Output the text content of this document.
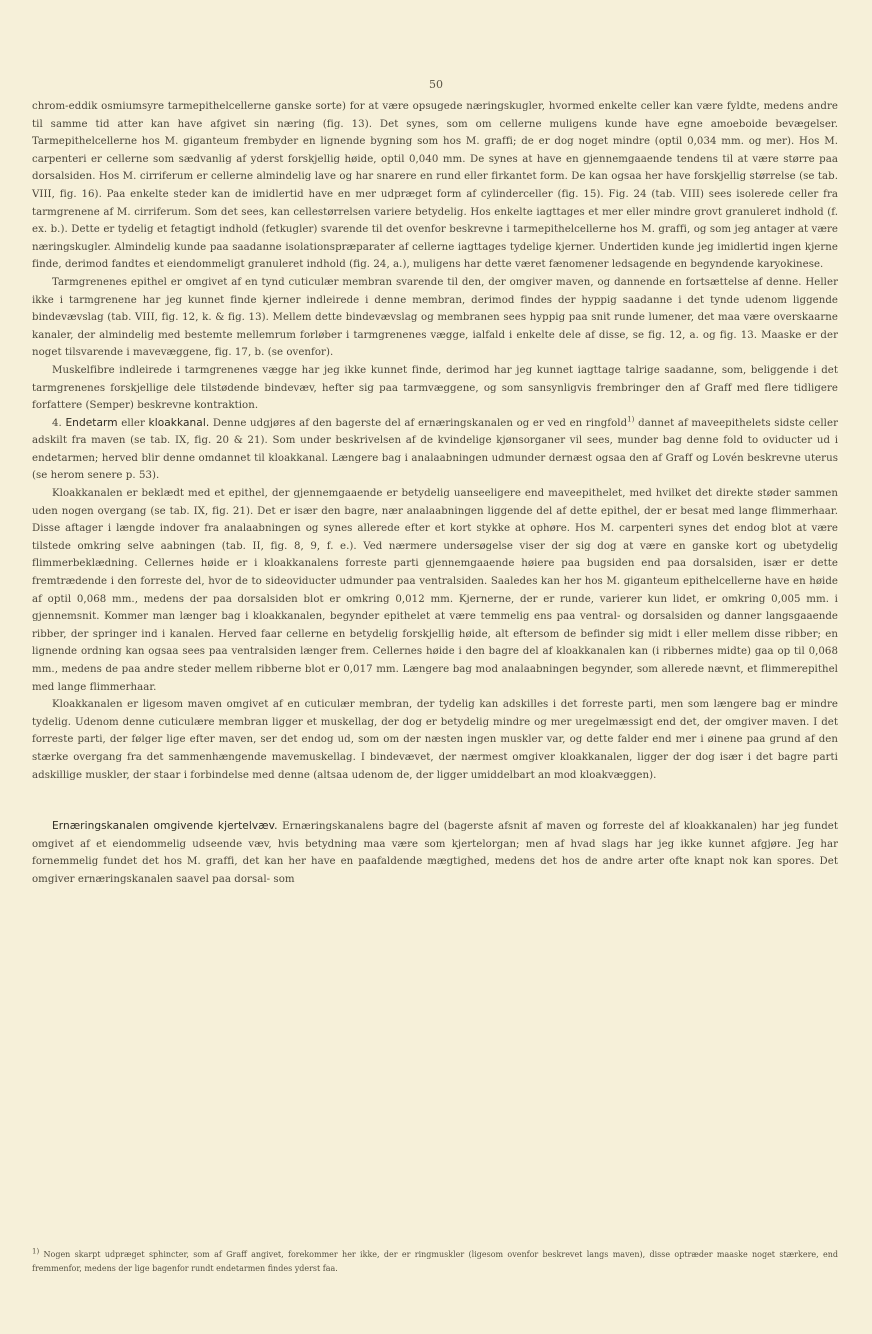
50

chrom-eddik osmiumsyre tarmepithelcellerne ganske sorte) for at være opsugede næringskugler, hvormed enkelte celler kan være fyldte, medens andre til samme tid atter kan have afgivet sin næring (fig. 13). Det synes, som om cellerne muligens kunde have egne amoeboide bevægelser. Tarmepithelcellerne hos M. giganteum frembyder en lignende bygning som hos M. graffi; de er dog noget mindre (optil 0,034 mm. og mer). Hos M. carpenteri er cellerne som sædvanlig af yderst forskjellig høide, optil 0,040 mm. De synes at have en gjennemgaaende tendens til at være større paa dorsalsiden. Hos M. cirriferum er cellerne almindelig lave og har snarere en rund eller firkantet form. De kan ogsaa her have forskjellig størrelse (se tab. VIII, fig. 16). Paa enkelte steder kan de imidlertid have en mer udpræget form af cylinderceller (fig. 15). Fig. 24 (tab. VIII) sees isolerede celler fra tarmgrenene af M. cirriferum. Som det sees, kan cellestørrelsen variere betydelig. Hos enkelte iagttages et mer eller mindre grovt granuleret indhold (f. ex. b.). Dette er tydelig et fetagtigt indhold (fetkugler) svarende til det ovenfor beskrevne i tarmepithelcellerne hos M. graffi, og som jeg antager at være næringskugler. Almindelig kunde paa saadanne isolationspræparater af cellerne iagttages tydelige kjerner. Undertiden kunde jeg imidlertid ingen kjerne finde, derimod fandtes et eiendommeligt granuleret indhold (fig. 24, a.), muligens har dette været fænomener ledsagende en begyndende karyokinese.

Tarmgrenenes epithel er omgivet af en tynd cuticulær membran svarende til den, der omgiver maven, og dannende en fortsættelse af denne. Heller ikke i tarmgrenene har jeg kunnet finde kjerner indleirede i denne membran, derimod findes der hyppig saadanne i det tynde udenom liggende bindevævslag (tab. VIII, fig. 12, k. & fig. 13). Mellem dette bindevævslag og membranen sees hyppig paa snit runde lumener, det maa være overskaarne kanaler, der almindelig med bestemte mellemrum forløber i tarmgrenenes vægge, ialfald i enkelte dele af disse, se fig. 12, a. og fig. 13. Maaske er der noget tilsvarende i mavevæggene, fig. 17, b. (se ovenfor).

Muskelfibre indleirede i tarmgrenenes vægge har jeg ikke kunnet finde, derimod har jeg kunnet iagttage talrige saadanne, som, beliggende i det tarmgrenenes forskjellige dele tilstødende bindevæv, hefter sig paa tarmvæggene, og som sansynligvis frembringer den af Graff med flere tidligere forfattere (Semper) beskrevne kontraktion.

4. Endetarm eller kloakkanal. Denne udgjøres af den bagerste del af ernæringskanalen og er ved en ringfold$^{1)}$ dannet af maveepithelets sidste celler adskilt fra maven (se tab. IX, fig. 20 & 21). Som under beskrivelsen af de kvindelige kjønsorganer vil sees, munder bag denne fold to oviducter ud i endetarmen; herved blir denne omdannet til kloakkanal. Længere bag i analaabningen udmunder dernæst ogsaa den af Graff og Lovén beskrevne uterus (se herom senere p. 53).

Kloakkanalen er beklædt med et epithel, der gjennemgaaende er betydelig uanseeligere end maveepithelet, med hvilket det direkte støder sammen uden nogen overgang (se tab. IX, fig. 21). Det er især den bagre, nær analaabningen liggende del af dette epithel, der er besat med lange flimmerhaar. Disse aftager i længde indover fra analaabningen og synes allerede efter et kort stykke at ophøre. Hos M. carpenteri synes det endog blot at være tilstede omkring selve aabningen (tab. II, fig. 8, 9, f. e.). Ved nærmere undersøgelse viser der sig dog at være en ganske kort og ubetydelig flimmerbeklædning. Cellernes høide er i kloakkanalens forreste parti gjennemgaaende høiere paa bugsiden end paa dorsalsiden, især er dette fremtrædende i den forreste del, hvor de to sideoviducter udmunder paa ventralsiden. Saaledes kan her hos M. giganteum epithelcellerne have en høide af optil 0,068 mm., medens der paa dorsalsiden blot er omkring 0,012 mm. Kjernerne, der er runde, varierer kun lidet, er omkring 0,005 mm. i gjennemsnit. Kommer man længer bag i kloakkanalen, begynder epithelet at være temmelig ens paa ventral- og dorsalsiden og danner langsgaaende ribber, der springer ind i kanalen. Herved faar cellerne en betydelig forskjellig høide, alt eftersom de befinder sig midt i eller mellem disse ribber; en lignende ordning kan ogsaa sees paa ventralsiden længer frem. Cellernes høide i den bagre del af kloakkanalen kan (i ribbernes midte) gaa op til 0,068 mm., medens de paa andre steder mellem ribberne blot er 0,017 mm. Længere bag mod analaabningen begynder, som allerede nævnt, et flimmerepithel med lange flimmerhaar.

Kloakkanalen er ligesom maven omgivet af en cuticulær membran, der tydelig kan adskilles i det forreste parti, men som længere bag er mindre tydelig. Udenom denne cuticulære membran ligger et muskellag, der dog er betydelig mindre og mer uregelmæssigt end det, der omgiver maven. I det forreste parti, der følger lige efter maven, ser det endog ud, som om der næsten ingen muskler var, og dette falder end mer i øinene paa grund af den stærke overgang fra det sammenhængende mavemuskellag. I bindevævet, der nærmest omgiver kloakkanalen, ligger der dog især i det bagre parti adskillige muskler, der staar i forbindelse med denne (altsaa udenom de, der ligger umiddelbart an mod kloakvæggen).

Ernæringskanalen omgivende kjertelvæv. Ernæringskanalens bagre del (bagerste afsnit af maven og forreste del af kloakkanalen) har jeg fundet omgivet af et eiendommelig udseende væv, hvis betydning maa være som kjertelorgan; men af hvad slags har jeg ikke kunnet afgjøre. Jeg har fornemmelig fundet det hos M. graffi, det kan her have en paafaldende mægtighed, medens det hos de andre arter ofte knapt nok kan spores. Det omgiver ernæringskanalen saavel paa dorsal- som

$^{1)}$ Nogen skarpt udpræget sphincter, som af Graff angivet, forekommer her ikke, der er ringmuskler (ligesom ovenfor beskrevet langs maven), disse optræder maaske noget stærkere, end fremmenfor, medens der lige bagenfor rundt endetarmen findes yderst faa.
